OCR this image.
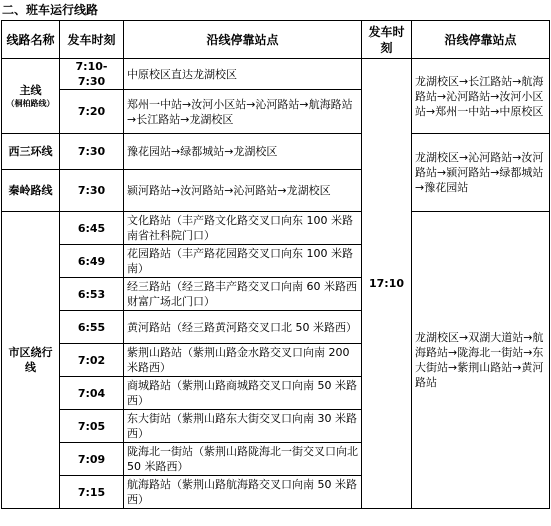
二、班车运行线路
线路名称	发车时刻	沿线停靠站点	发车时刻	沿线停靠站点
主线
（桐柏路线）	7:10-7:30	中原校区直达龙湖校区	17:10	龙湖校区→长江路站→航海路站→沁河路站→汝河小区站→郑州一中站→中原校区
	7:20	郑州一中站→汝河小区站→沁河路站→航海路站→长江路站→龙湖校区		
西三环线	7:30	豫花园站→绿都城站→龙湖校区		龙湖校区→沁河路站→汝河路站→颍河路站→绿都城站→豫花园站
秦岭路线	7:30	颍河路站→汝河路站→沁河路站→龙湖校区		
市区绕行线	6:45	文化路站（丰产路文化路交叉口向东 100 米路南省社科院门口）		龙湖校区→双湖大道站→航海路站→陇海北一街站→东大街站→紫荆山路站→黄河路站
	6:49	花园路站（丰产路花园路交叉口向东 100 米路南）		
	6:53	经三路站（经三路丰产路交叉口向南 60 米路西财富广场北门口）		
	6:55	黄河路站（经三路黄河路交叉口北 50 米路西）		
	7:02	紫荆山路站（紫荆山路金水路交叉口向南 200 米路西）		
	7:04	商城路站（紫荆山路商城路交叉口向南 50 米路西）		
	7:05	东大街站（紫荆山路东大街交叉口向南 30 米路西）		
	7:09	陇海北一街站（紫荆山路陇海北一街交叉口向北 50 米路西）		
	7:15	航海路站（紫荆山路航海路交叉口向南 50 米路西）		
